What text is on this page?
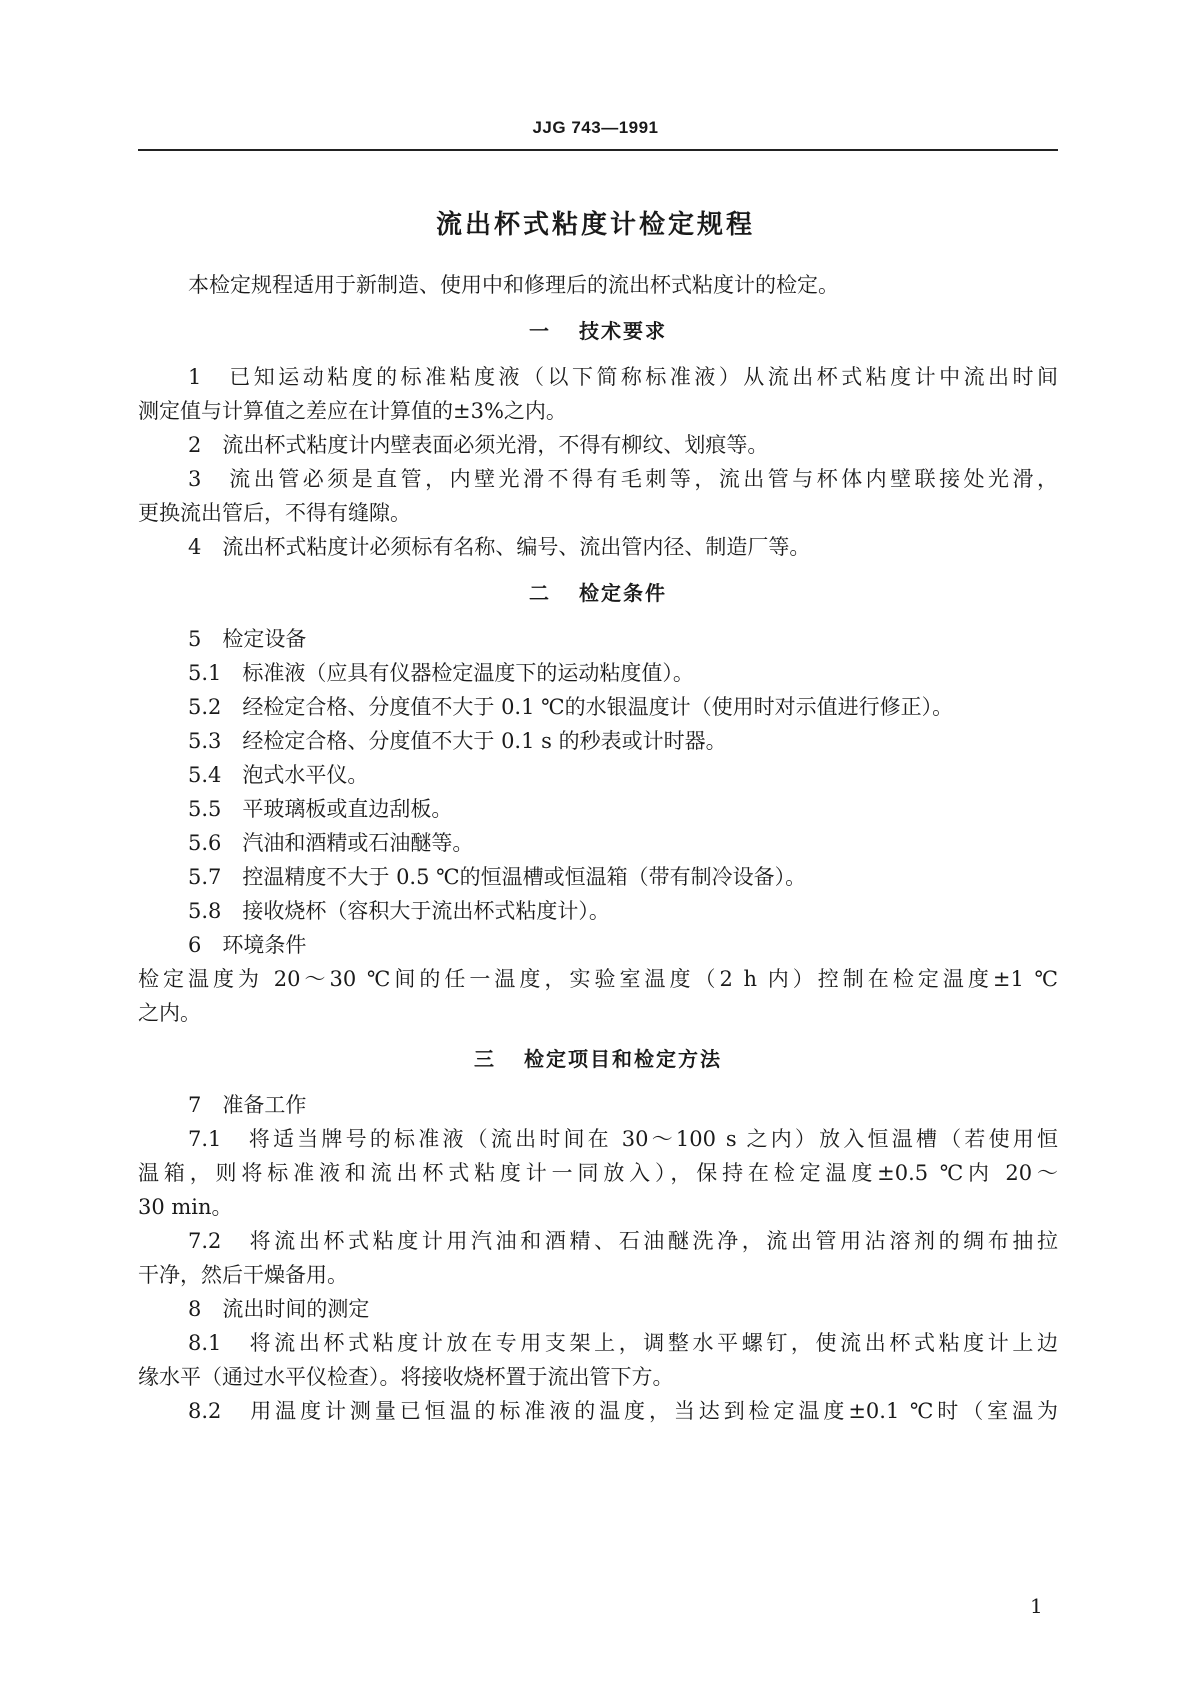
JJG 743—1991
流出杯式粘度计检定规程

本检定规程适用于新制造、使用中和修理后的流出杯式粘度计的检定。

一 技术要求

1　已知运动粘度的标准粘度液（以下简称标准液）从流出杯式粘度计中流出时间

测定值与计算值之差应在计算值的±3%之内。

2　流出杯式粘度计内壁表面必须光滑，不得有柳纹、划痕等。

3　流出管必须是直管，内壁光滑不得有毛刺等，流出管与杯体内壁联接处光滑，

更换流出管后，不得有缝隙。

4　流出杯式粘度计必须标有名称、编号、流出管内径、制造厂等。

二 检定条件

5　检定设备

5.1　标准液（应具有仪器检定温度下的运动粘度值）。

5.2　经检定合格、分度值不大于 0.1 ℃的水银温度计（使用时对示值进行修正）。

5.3　经检定合格、分度值不大于 0.1 s 的秒表或计时器。

5.4　泡式水平仪。

5.5　平玻璃板或直边刮板。

5.6　汽油和酒精或石油醚等。

5.7　控温精度不大于 0.5 ℃的恒温槽或恒温箱（带有制冷设备）。

5.8　接收烧杯（容积大于流出杯式粘度计）。

6　环境条件

检定温度为 20～30 ℃间的任一温度，实验室温度（2 h 内）控制在检定温度±1 ℃

之内。

三 检定项目和检定方法

7　准备工作

7.1　将适当牌号的标准液（流出时间在 30～100 s 之内）放入恒温槽（若使用恒

温箱，则将标准液和流出杯式粘度计一同放入），保持在检定温度±0.5 ℃内 20～

30 min。

7.2　将流出杯式粘度计用汽油和酒精、石油醚洗净，流出管用沾溶剂的绸布抽拉

干净，然后干燥备用。

8　流出时间的测定

8.1　将流出杯式粘度计放在专用支架上，调整水平螺钉，使流出杯式粘度计上边

缘水平（通过水平仪检查）。将接收烧杯置于流出管下方。

8.2　用温度计测量已恒温的标准液的温度，当达到检定温度±0.1 ℃时（室温为

1
